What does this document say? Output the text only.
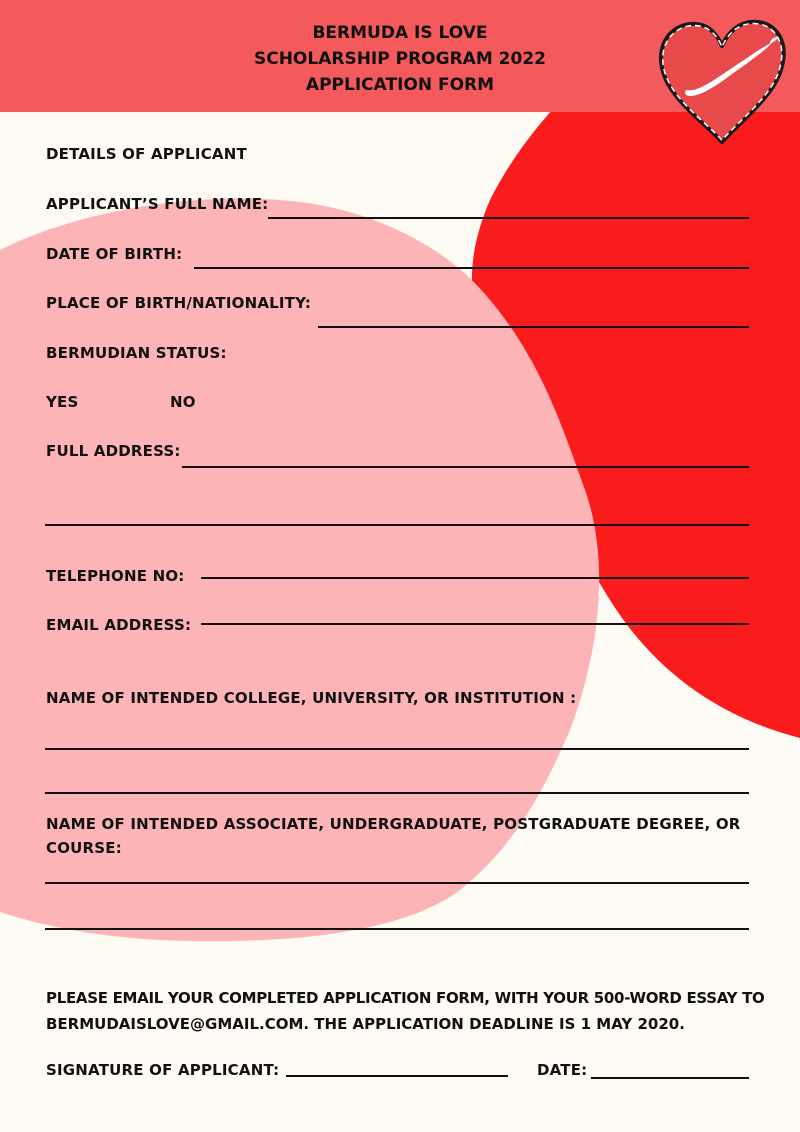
BERMUDA IS LOVE
SCHOLARSHIP PROGRAM 2022
APPLICATION FORM
DETAILS OF APPLICANT
APPLICANT’S FULL NAME:
DATE OF BIRTH:
PLACE OF BIRTH/NATIONALITY:
BERMUDIAN STATUS:
YES	NO
FULL ADDRESS:
TELEPHONE NO:
EMAIL ADDRESS:
NAME OF INTENDED COLLEGE, UNIVERSITY, OR INSTITUTION :
NAME OF INTENDED ASSOCIATE, UNDERGRADUATE, POSTGRADUATE DEGREE, OR
COURSE:
PLEASE EMAIL YOUR COMPLETED APPLICATION FORM, WITH YOUR 500-WORD ESSAY TO
BERMUDAISLOVE@GMAIL.COM. THE APPLICATION DEADLINE IS 1 MAY 2020.
SIGNATURE OF APPLICANT:	DATE:
